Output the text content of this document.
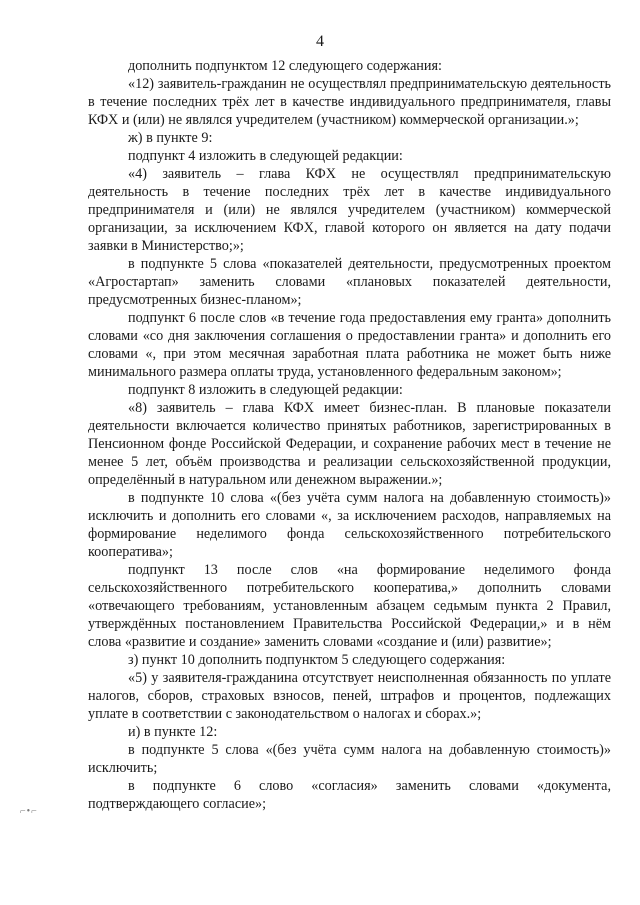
4

дополнить подпунктом 12 следующего содержания:

«12) заявитель-гражданин не осуществлял предпринимательскую деятельность в течение последних трёх лет в качестве индивидуального предпринимателя, главы КФХ и (или) не являлся учредителем (участником) коммерческой организации.»;

ж) в пункте 9:

подпункт 4 изложить в следующей редакции:

«4) заявитель – глава КФХ не осуществлял предпринимательскую деятельность в течение последних трёх лет в качестве индивидуального предпринимателя и (или) не являлся учредителем (участником) коммерческой организации, за исключением КФХ, главой которого он является на дату подачи заявки в Министерство;»;

в подпункте 5 слова «показателей деятельности, предусмотренных проектом «Агростартап» заменить словами «плановых показателей деятельности, предусмотренных бизнес-планом»;

подпункт 6 после слов «в течение года предоставления ему гранта» дополнить словами «со дня заключения соглашения о предоставлении гранта» и дополнить его словами «, при этом месячная заработная плата работника не может быть ниже минимального размера оплаты труда, установленного федеральным законом»;

подпункт 8 изложить в следующей редакции:

«8) заявитель – глава КФХ имеет бизнес-план. В плановые показатели деятельности включается количество принятых работников, зарегистрированных в Пенсионном фонде Российской Федерации, и сохранение рабочих мест в течение не менее 5 лет, объём производства и реализации сельскохозяйственной продукции, определённый в натуральном или денежном выражении.»;

в подпункте 10 слова «(без учёта сумм налога на добавленную стоимость)» исключить и дополнить его словами «, за исключением расходов, направляемых на формирование неделимого фонда сельскохозяйственного потребительского кооператива»;

подпункт 13 после слов «на формирование неделимого фонда сельскохозяйственного потребительского кооператива,» дополнить словами «отвечающего требованиям, установленным абзацем седьмым пункта 2 Правил, утверждённых постановлением Правительства Российской Федерации,» и в нём слова «развитие и создание» заменить словами «создание и (или) развитие»;

з) пункт 10 дополнить подпунктом 5 следующего содержания:

«5) у заявителя-гражданина отсутствует неисполненная обязанность по уплате налогов, сборов, страховых взносов, пеней, штрафов и процентов, подлежащих уплате в соответствии с законодательством о налогах и сборах.»;

и) в пункте 12:

в подпункте 5 слова «(без учёта сумм налога на добавленную стоимость)» исключить;

в подпункте 6 слово «согласия» заменить словами «документа, подтверждающего согласие»;

⌐•⌐
